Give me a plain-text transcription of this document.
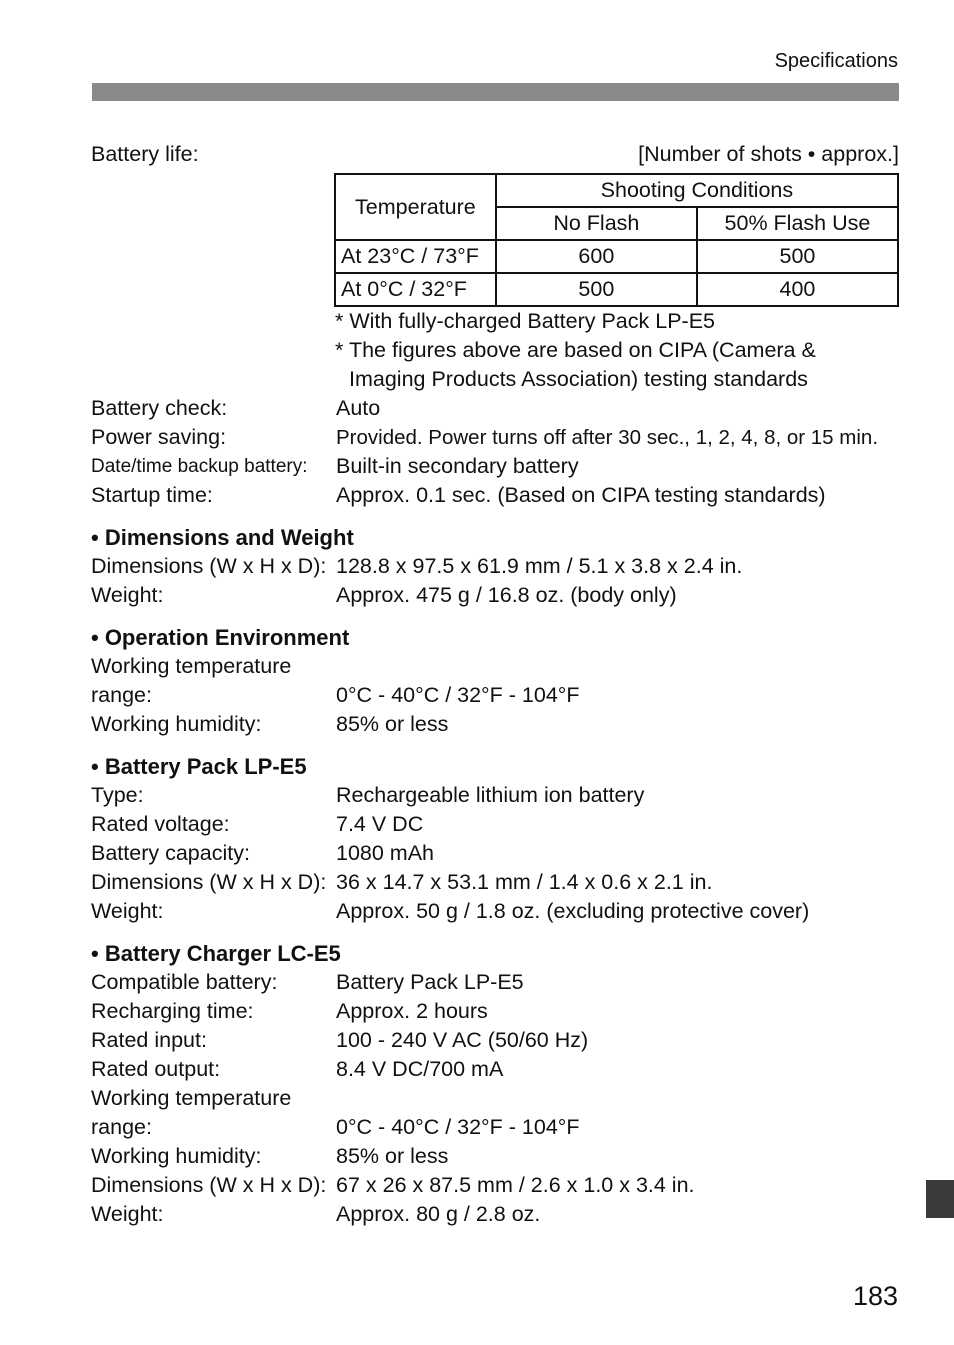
Specifications
Battery life:	[Number of shots • approx.]
Temperature	Shooting Conditions	
	No Flash	50% Flash Use
At 23°C / 73°F	600	500
At 0°C / 32°F	500	400
* With fully-charged Battery Pack LP-E5
* The figures above are based on CIPA (Camera & Imaging Products Association) testing standards
Battery check:	Auto
Power saving:	Provided. Power turns off after 30 sec., 1, 2, 4, 8, or 15 min.
Date/time backup battery:	Built-in secondary battery
Startup time:	Approx. 0.1 sec. (Based on CIPA testing standards)
• Dimensions and Weight
Dimensions (W x H x D): 128.8 x 97.5 x 61.9 mm / 5.1 x 3.8 x 2.4 in.
Weight:	Approx. 475 g / 16.8 oz. (body only)
• Operation Environment
Working temperature
range:	0°C - 40°C / 32°F - 104°F
Working humidity:	85% or less
• Battery Pack LP-E5
Type:	Rechargeable lithium ion battery
Rated voltage:	7.4 V DC
Battery capacity:	1080 mAh
Dimensions (W x H x D): 36 x 14.7 x 53.1 mm / 1.4 x 0.6 x 2.1 in.
Weight:	Approx. 50 g / 1.8 oz. (excluding protective cover)
• Battery Charger LC-E5
Compatible battery:	Battery Pack LP-E5
Recharging time:	Approx. 2 hours
Rated input:	100 - 240 V AC (50/60 Hz)
Rated output:	8.4 V DC/700 mA
Working temperature
range:	0°C - 40°C / 32°F - 104°F
Working humidity:	85% or less
Dimensions (W x H x D): 67 x 26 x 87.5 mm / 2.6 x 1.0 x 3.4 in.
Weight:	Approx. 80 g / 2.8 oz.
183
